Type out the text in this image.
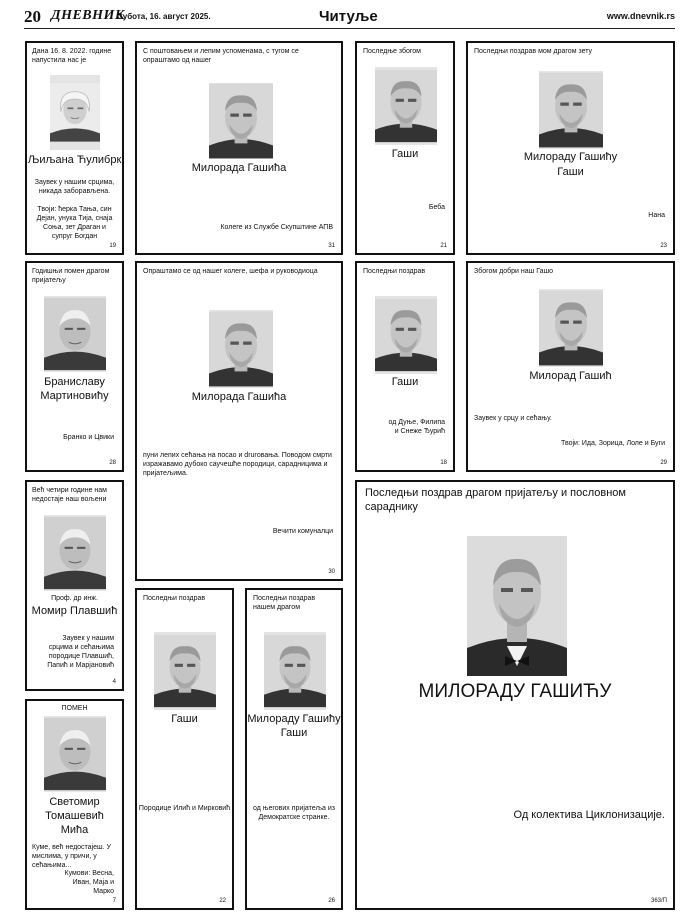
20 ДНЕВНИК
Субота, 16. август 2025.	Читуље	www.dnevnik.rs

Дана 16. 8. 2022. године напустила нас је

Љиљана Ћулибрк

Заувек у нашим срцима, никада заборављена.

Твоји: ћерка Тања, син Дејан, унука Тија, снаја Соња, зет Драган и супруг Богдан

19

С поштовањем и лепим успоменама, с тугом се опраштамо од нашег

Милорада Гашића

Колеге из Службе Скупштине АПВ

31

Последње збогом

Гаши

Беба

21

Последњи поздрав мом драгом зету

Милораду Гашићу

Гаши

Нана

23

Годишњи помен драгом пријатељу

Браниславу

Мартиновићу

Бранко и Цвики

28

Опраштамо се од нашег колеге, шефа и руководиоца

Милорада Гашића

пуни лепих сећања на посао и druговања. Поводом смрти изражавамо дубоко саучешће породици, сарадницима и пријатељима.

Вечити комуналци

30

Последњи поздрав

Гаши

од Дуње, Филипа и Снеже Ђурић

18

Збогом добри наш Гашо

Милорад Гашић

Заувек у срцу и сећању.

Твоји: Ида, Зорица, Лоле и Буги

29

Већ четири године нам недостаје наш вољени

Проф. др инж.

Момир Плавшић

Заувек у нашим срцима и сећањима породице Плавшић, Папић и Марјановић

4

ПОМЕН

Светомир

Томашевић

Мића

Куме, већ недостајеш. У мислима, у причи, у сећањима...

Кумови: Весна, Иван, Маја и Марко

7

Последњи поздрав

Гаши

Породице Илић и Мирковић

22

Последњи поздрав нашем драгом

Милораду Гашићу

Гаши

од његових пријатеља из Демократске странке.

26

Последњи поздрав драгом пријатељу и пословном сараднику

МИЛОРАДУ ГАШИЋУ

Од колектива Циклонизације.

363/П
